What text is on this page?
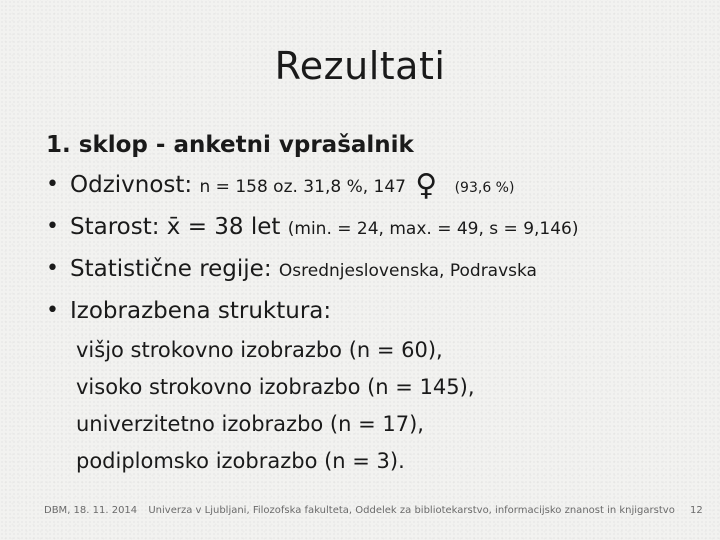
Rezultati
1. sklop - anketni vprašalnik
• Odzivnost: n = 158 oz. 31,8 %, 147 ♀ (93,6 %)
• Starost: x̄ = 38 let (min. = 24, max. = 49, s = 9,146)
• Statistične regije: Osrednjeslovenska, Podravska
• Izobrazbena struktura:
višjo strokovno izobrazbo (n = 60),
visoko strokovno izobrazbo (n = 145),
univerzitetno izobrazbo (n = 17),
podiplomsko izobrazbo (n = 3).
DBM, 18. 11. 2014 Univerza v Ljubljani, Filozofska fakulteta, Oddelek za bibliotekarstvo, informacijsko znanost in knjigarstvo 12
